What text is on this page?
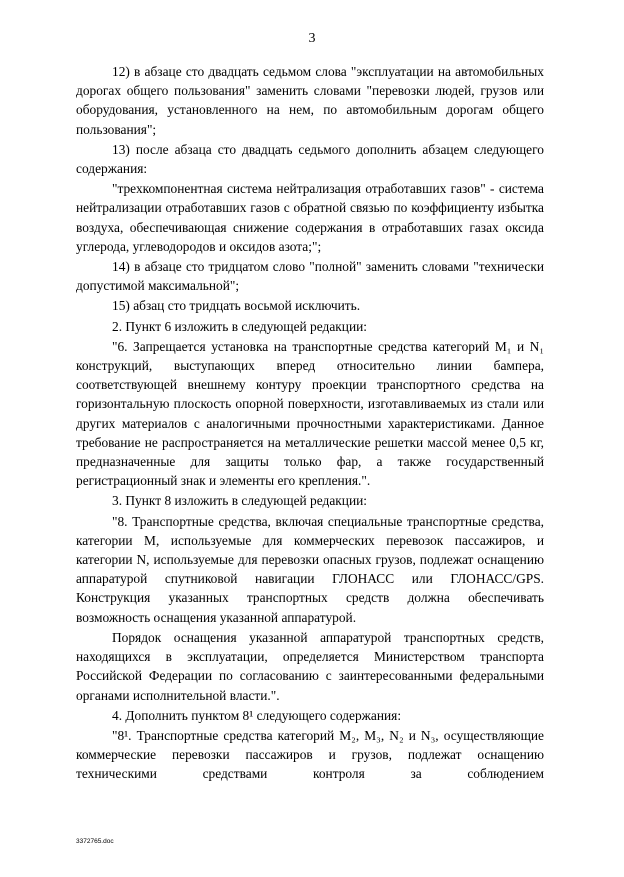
3

12) в абзаце сто двадцать седьмом слова "эксплуатации на автомобильных дорогах общего пользования" заменить словами "перевозки людей, грузов или оборудования, установленного на нем, по автомобильным дорогам общего пользования";

13) после абзаца сто двадцать седьмого дополнить абзацем следующего содержания:

"трехкомпонентная система нейтрализация отработавших газов" - система нейтрализации отработавших газов с обратной связью по коэффициенту избытка воздуха, обеспечивающая снижение содержания в отработавших газах оксида углерода, углеводородов и оксидов азота;";

14) в абзаце сто тридцатом слово "полной" заменить словами "технически допустимой максимальной";

15) абзац сто тридцать восьмой исключить.

2. Пункт 6 изложить в следующей редакции:

"6. Запрещается установка на транспортные средства категорий M₁ и N₁ конструкций, выступающих вперед относительно линии бампера, соответствующей внешнему контуру проекции транспортного средства на горизонтальную плоскость опорной поверхности, изготавливаемых из стали или других материалов с аналогичными прочностными характеристиками. Данное требование не распространяется на металлические решетки массой менее 0,5 кг, предназначенные для защиты только фар, а также государственный регистрационный знак и элементы его крепления.".

3. Пункт 8 изложить в следующей редакции:

"8. Транспортные средства, включая специальные транспортные средства, категории M, используемые для коммерческих перевозок пассажиров, и категории N, используемые для перевозки опасных грузов, подлежат оснащению аппаратурой спутниковой навигации ГЛОНАСС или ГЛОНАСС/GPS. Конструкция указанных транспортных средств должна обеспечивать возможность оснащения указанной аппаратурой.

Порядок оснащения указанной аппаратурой транспортных средств, находящихся в эксплуатации, определяется Министерством транспорта Российской Федерации по согласованию с заинтересованными федеральными органами исполнительной власти.".

4. Дополнить пунктом 8¹ следующего содержания:

"8¹. Транспортные средства категорий M₂, M₃, N₂ и N₃, осуществляющие коммерческие перевозки пассажиров и грузов, подлежат оснащению техническими средствами контроля за соблюдением

3372765.doc
